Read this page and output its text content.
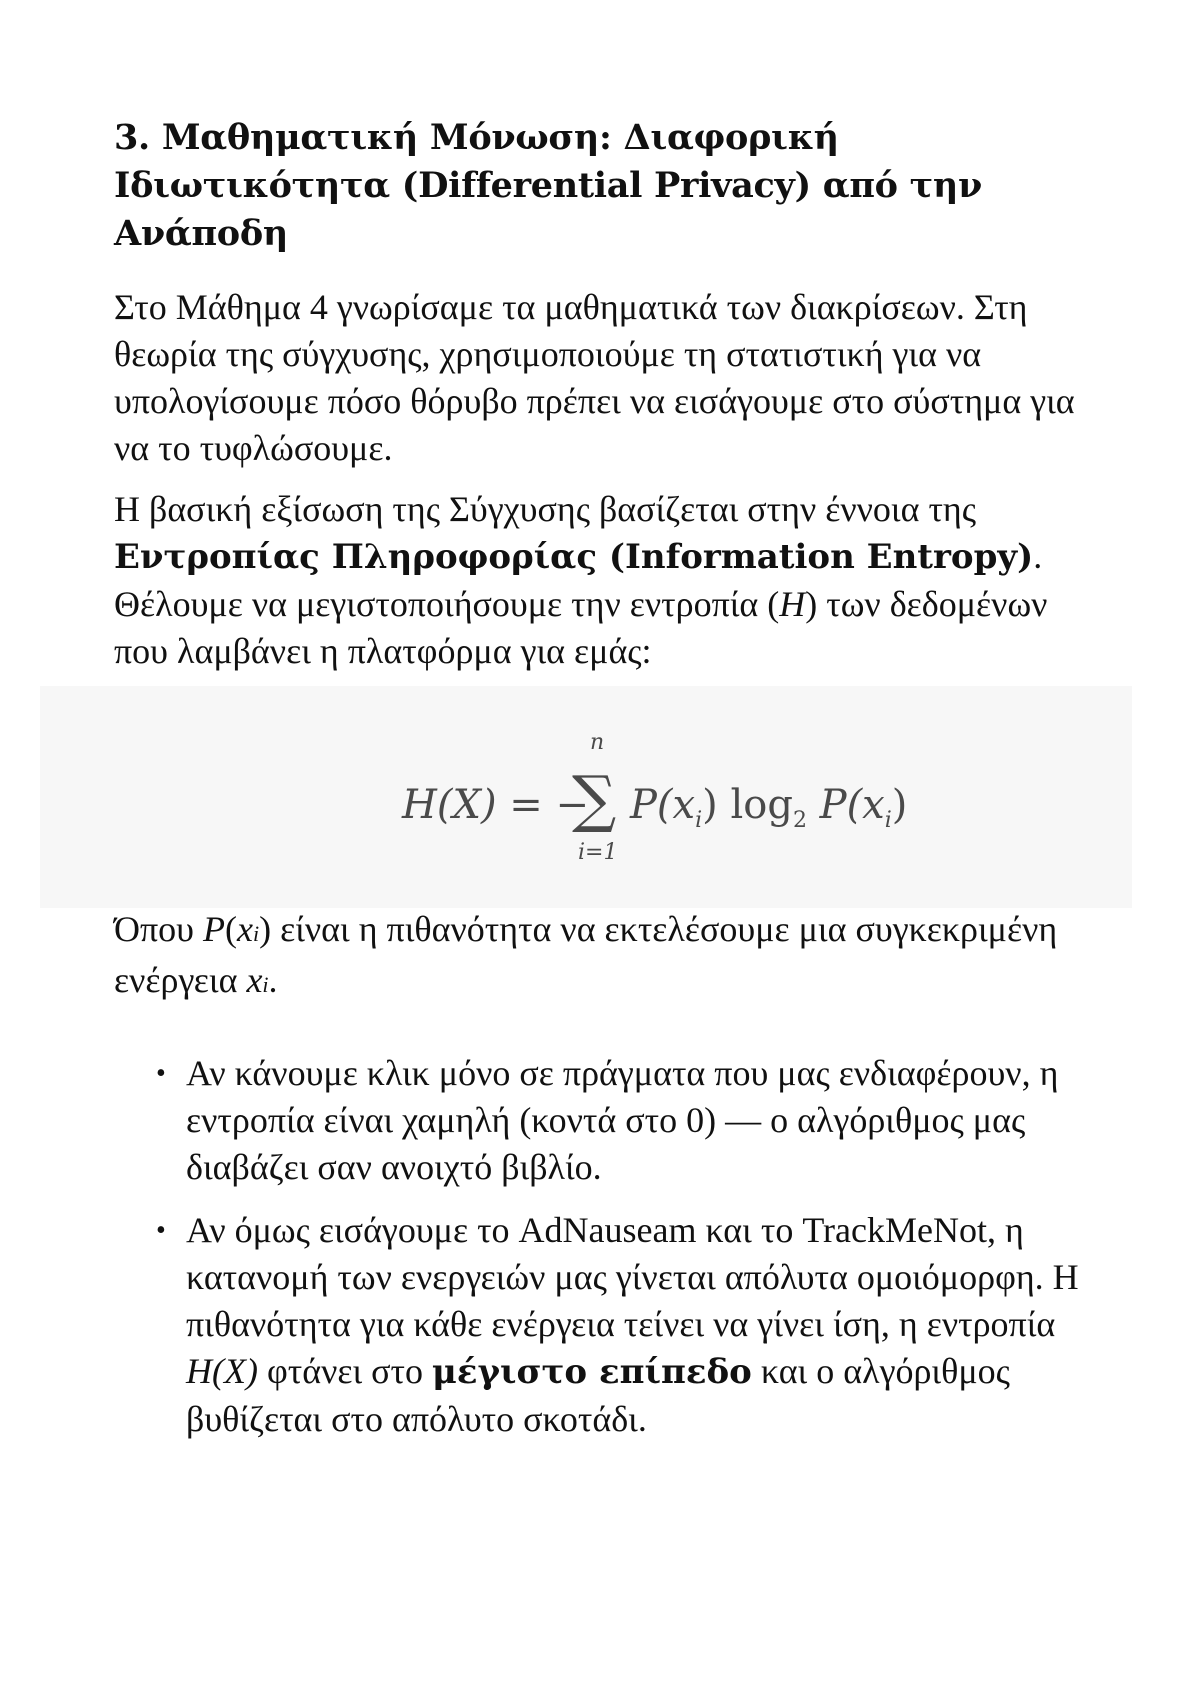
3. Μαθηματική Μόνωση: Διαφορική Ιδιωτικότητα (Differential Privacy) από την Ανάποδη

Στο Μάθημα 4 γνωρίσαμε τα μαθηματικά των διακρίσεων. Στη θεωρία της σύγχυσης, χρησιμοποιούμε τη στατιστική για να υπολογίσουμε πόσο θόρυβο πρέπει να εισάγουμε στο σύστημα για να το τυφλώσουμε.

Η βασική εξίσωση της Σύγχυσης βασίζεται στην έννοια της Εντροπίας Πληροφορίας (Information Entropy). Θέλουμε να μεγιστοποιήσουμε την εντροπία (H) των δεδομένων που λαμβάνει η πλατφόρμα για εμάς:

H(X) = −
n
∑
i=1
$P(x_i)$ $\log_2 P(x_i)$

Όπου P(xi) είναι η πιθανότητα να εκτελέσουμε μια συγκεκριμένη ενέργεια xi.

• Αν κάνουμε κλικ μόνο σε πράγματα που μας ενδιαφέρουν, η εντροπία είναι χαμηλή (κοντά στο 0) — ο αλγόριθμος μας διαβάζει σαν ανοιχτό βιβλίο.
• Αν όμως εισάγουμε το AdNauseam και το TrackMeNot, η κατανομή των ενεργειών μας γίνεται απόλυτα ομοιόμορφη. Η πιθανότητα για κάθε ενέργεια τείνει να γίνει ίση, η εντροπία H(X) φτάνει στο μέγιστο επίπεδο και ο αλγόριθμος βυθίζεται στο απόλυτο σκοτάδι.
